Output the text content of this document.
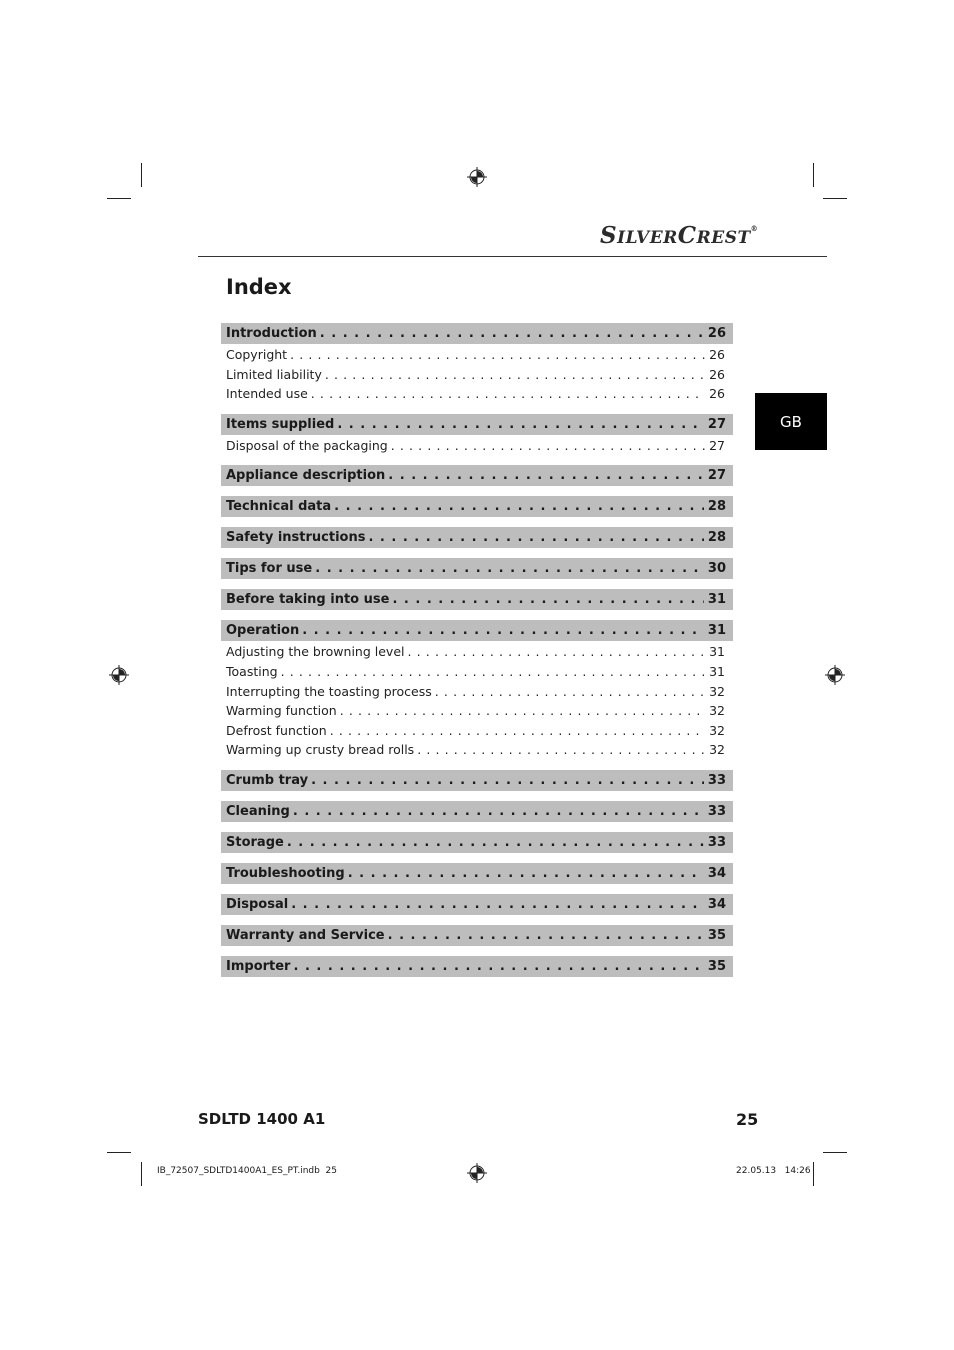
SILVERCREST®
Index
GB
Introduction . . .	26
Copyright . . .	26
Limited liability . . .	26
Intended use . . .	26
Items supplied . . .	27
Disposal of the packaging . . .	27
Appliance description . . .	27
Technical data . . .	28
Safety instructions . . .	28
Tips for use . . .	30
Before taking into use . . .	31
Operation . . .	31
Adjusting the browning level . . .	31
Toasting . . .	31
Interrupting the toasting process . . .	32
Warming function . . .	32
Defrost function . . .	32
Warming up crusty bread rolls . . .	32
Crumb tray . . .	33
Cleaning . . .	33
Storage . . .	33
Troubleshooting . . .	34
Disposal . . .	34
Warranty and Service . . .	35
Importer . . .	35
SDLTD 1400 A1	25
IB_72507_SDLTD1400A1_ES_PT.indb  25	22.05.13   14:26
